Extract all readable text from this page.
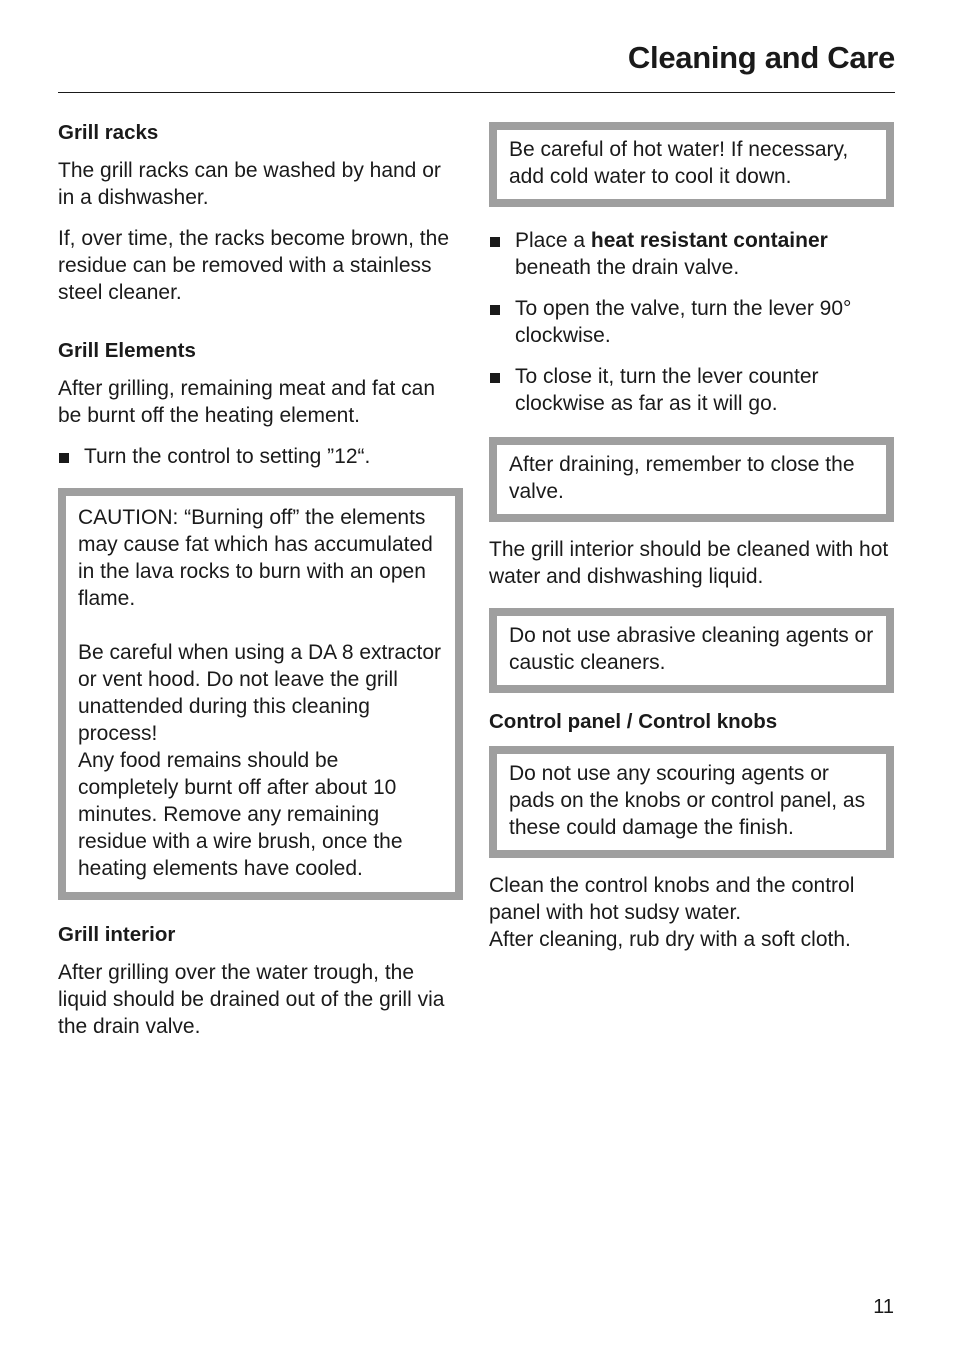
Cleaning and Care
Grill racks

The grill racks can be washed by hand or in a dishwasher.

If, over time, the racks become brown, the residue can be removed with a stainless steel cleaner.

Grill Elements

After grilling, remaining meat and fat can be burnt off the heating element.

Turn the control to setting ”12“.

CAUTION: “Burning off” the elements may cause fat which has accumulated in the lava rocks to burn with an open flame.

Be careful when using a DA 8 extractor or vent hood. Do not leave the grill unattended during this cleaning process!

Any food remains should be completely burnt off after about 10 minutes. Remove any remaining residue with a wire brush, once the heating elements have cooled.

Grill interior

After grilling over the water trough, the liquid should be drained out of the grill via the drain valve.

Be careful of hot water! If necessary, add cold water to cool it down.

Place a heat resistant container beneath the drain valve.
To open the valve, turn the lever 90° clockwise.
To close it, turn the lever counter clockwise as far as it will go.

After draining, remember to close the valve.

The grill interior should be cleaned with hot water and dishwashing liquid.

Do not use abrasive cleaning agents or caustic cleaners.

Control panel / Control knobs

Do not use any scouring agents or pads on the knobs or control panel, as these could damage the finish.

Clean the control knobs and the control panel with hot sudsy water.
After cleaning, rub dry with a soft cloth.

11
